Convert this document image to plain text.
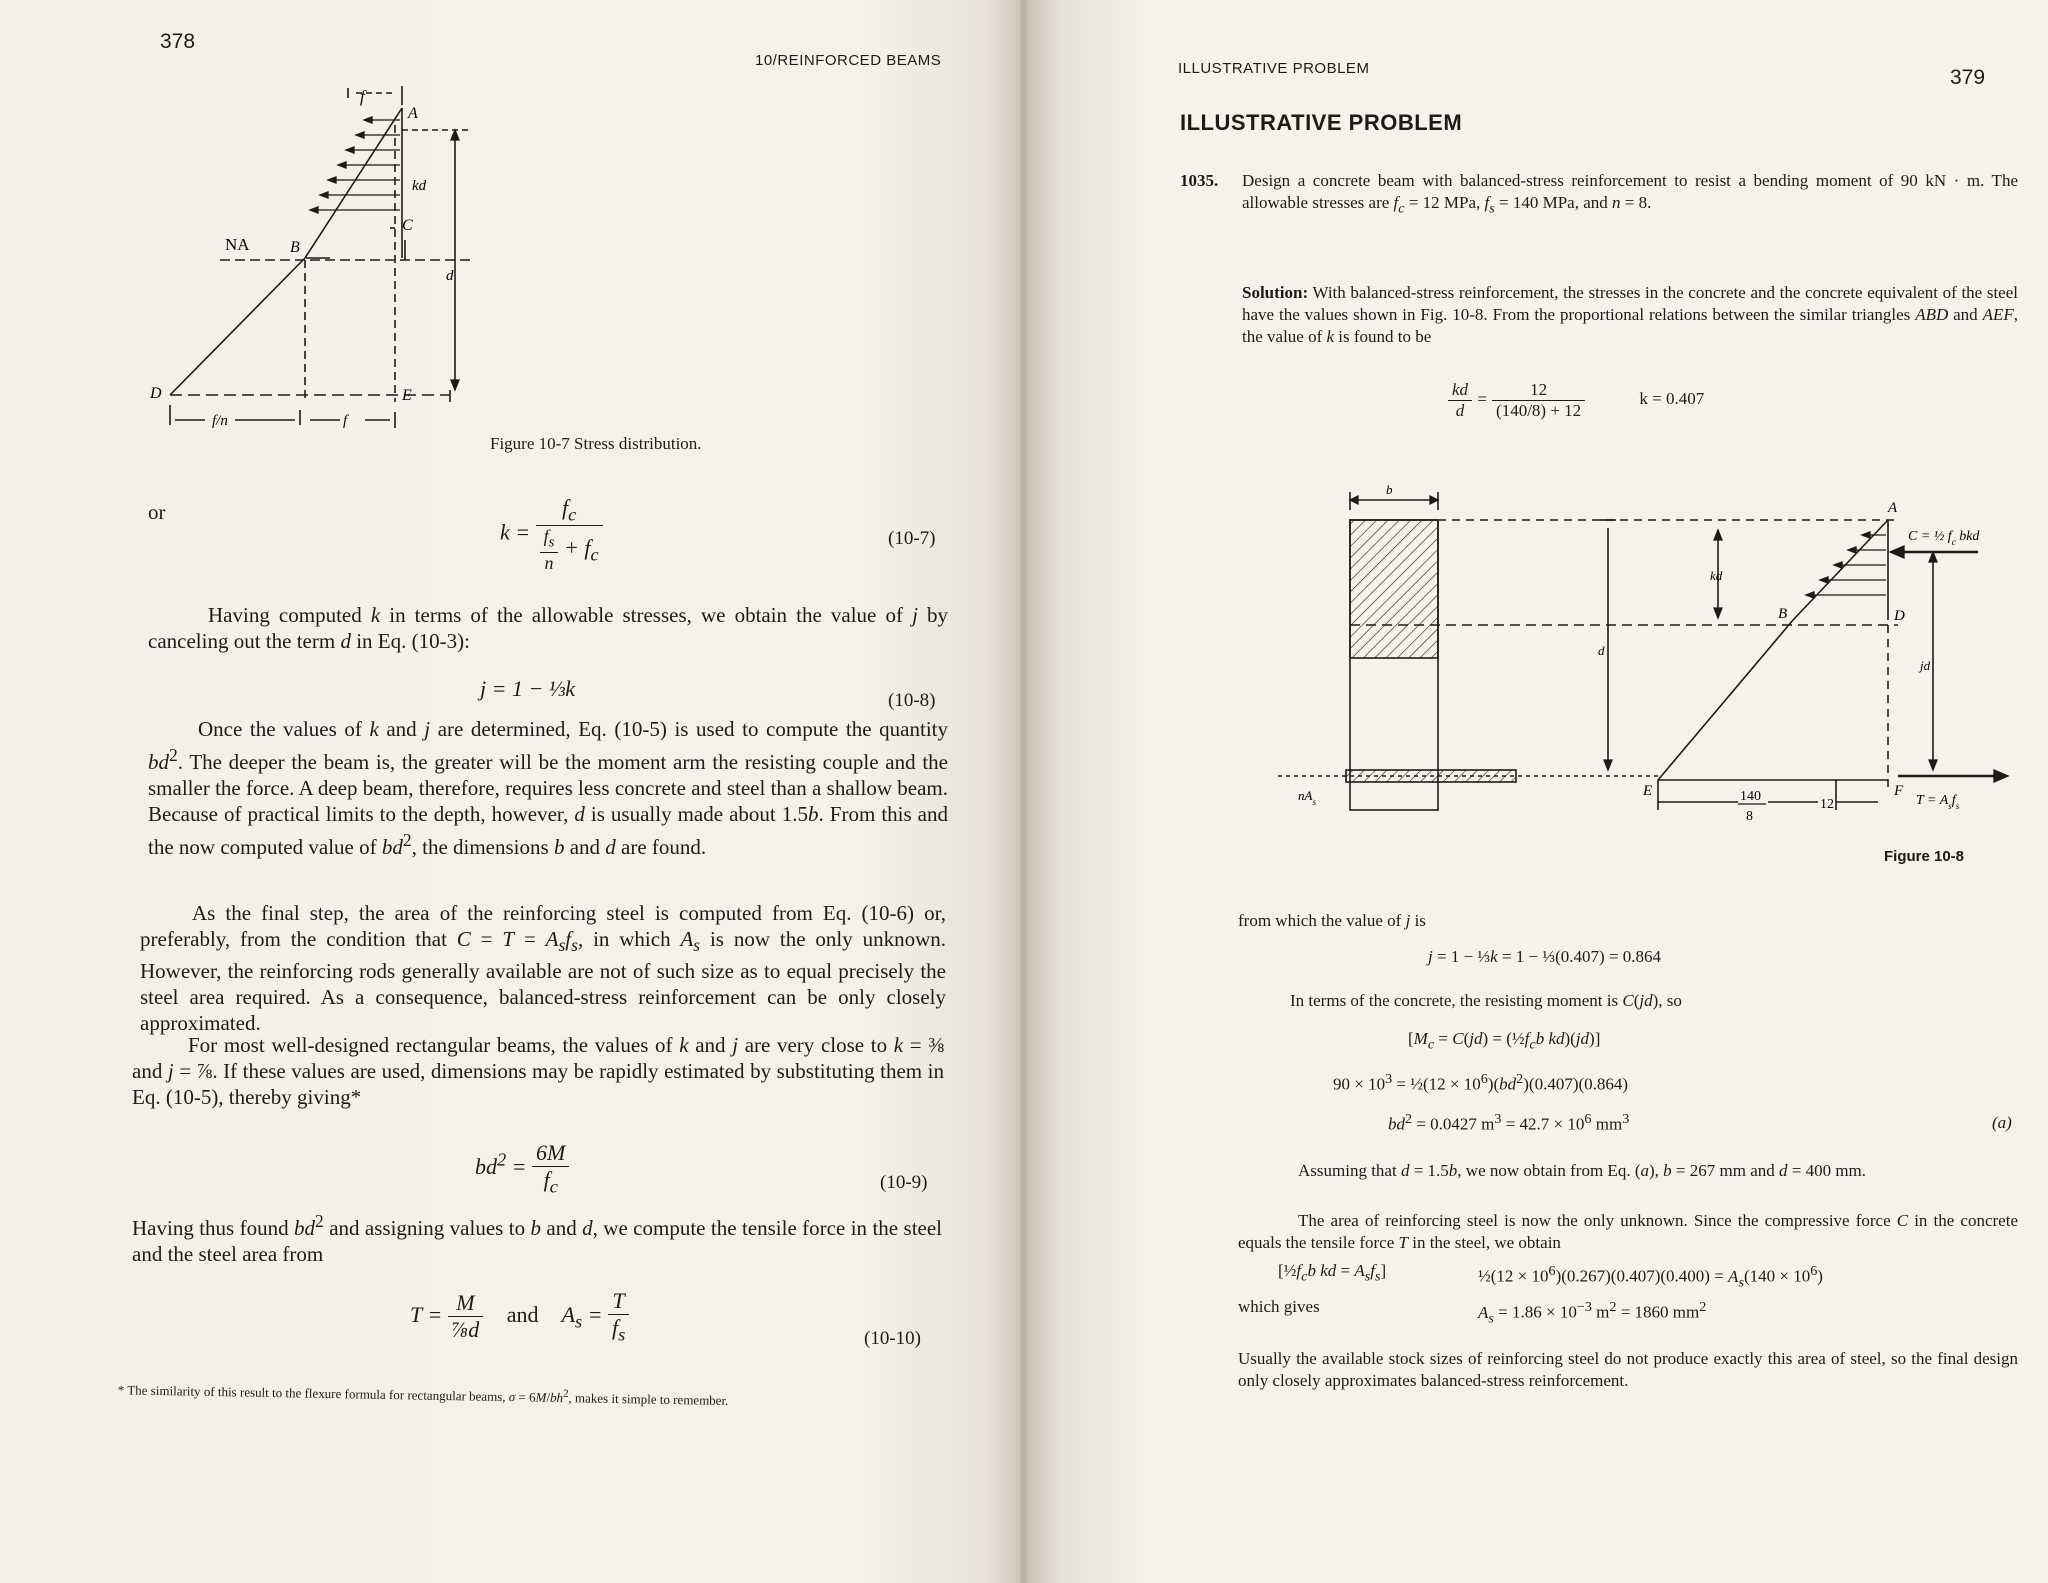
378
10/REINFORCED BEAMS
f
A
B
C
D	E
NA
kd
d
f/n	f
Figure 10-7 Stress distribution.
or
$k = \frac{f_c}{\frac{f_s}{n} + f_c}$	(10-7)
Having computed k in terms of the allowable stresses, we obtain the value of j by canceling out the term d in Eq. (10-3):
j = 1 − ⅓k	(10-8)
Once the values of k and j are determined, Eq. (10-5) is used to compute the quantity $bd^2$. The deeper the beam is, the greater will be the moment arm the resisting couple and the smaller the force. A deep beam, therefore, requires less concrete and steel than a shallow beam. Because of practical limits to the depth, however, d is usually made about 1.5b. From this and the now computed value of $bd^2$, the dimensions b and d are found.
As the final step, the area of the reinforcing steel is computed from Eq. (10-6) or, preferably, from the condition that $C = T = A_sf_s$, in which $A_s$ is now the only unknown. However, the reinforcing rods generally available are not of such size as to equal precisely the steel area required. As a consequence, balanced-stress reinforcement can be only closely approximated.
For most well-designed rectangular beams, the values of k and j are very close to k = ⅜ and j = ⅞. If these values are used, dimensions may be rapidly estimated by substituting them in Eq. (10-5), thereby giving*
$bd^2 = \frac{6M}{f_c}$	(10-9)
Having thus found $bd^2$ and assigning values to b and d, we compute the tensile force in the steel and the steel area from
$T = \frac{M}{\text{⅞d}}$ and $A_s = \frac{T}{f_s}$	(10-10)
* The similarity of this result to the flexure formula for rectangular beams, $\sigma = 6M/bh^2$, makes it simple to remember.
ILLUSTRATIVE PROBLEM	379
ILLUSTRATIVE PROBLEM
1035. Design a concrete beam with balanced-stress reinforcement to resist a bending moment of 90 kN · m. The allowable stresses are $f_c = 12$ MPa, $f_s = 140$ MPa, and n = 8.
Solution: With balanced-stress reinforcement, the stresses in the concrete and the concrete equivalent of the steel have the values shown in Fig. 10-8. From the proportional relations between the similar triangles ABD and AEF, the value of k is found to be
$\frac{kd}{d} = \frac{12}{(140/8) + 12}$	k = 0.407
b
A
B	D
E	F
kd
d
jd
$nA_s$	140
8
12
C = ½ $f_c$ bkd
$T = A_sf_s$
Figure 10-8
from which the value of j is
j = 1 − ⅓k = 1 − ⅓(0.407) = 0.864
In terms of the concrete, the resisting moment is C(jd), so
[$M_c = C(jd)$ = ($\frac{1}{2}f_cb$ kd)(jd)]
$90 \times 10^3$ = ½(12 × $10^6)(bd^2)(0.407)(0.864)$
$bd^2 = 0.0427$ $m^3 = 42.7 \times 10^6$ $mm^3$	(a)
Assuming that d = 1.5b, we now obtain from Eq. (a), b = 267 mm and d = 400 mm.
The area of reinforcing steel is now the only unknown. Since the compressive force C in the concrete equals the tensile force T in the steel, we obtain
[$\frac{1}{2}f_cb$ kd = $A_sf_s$]	½(12 × $10^6)(0.267)(0.407)(0.400) = A_s(140 \times 10^6)$
which gives	$A_s = 1.86 \times 10^{-3}$ $m^2 = 1860$ $mm^2$
Usually the available stock sizes of reinforcing steel do not produce exactly this area of steel, so the final design only closely approximates balanced-stress reinforcement.
